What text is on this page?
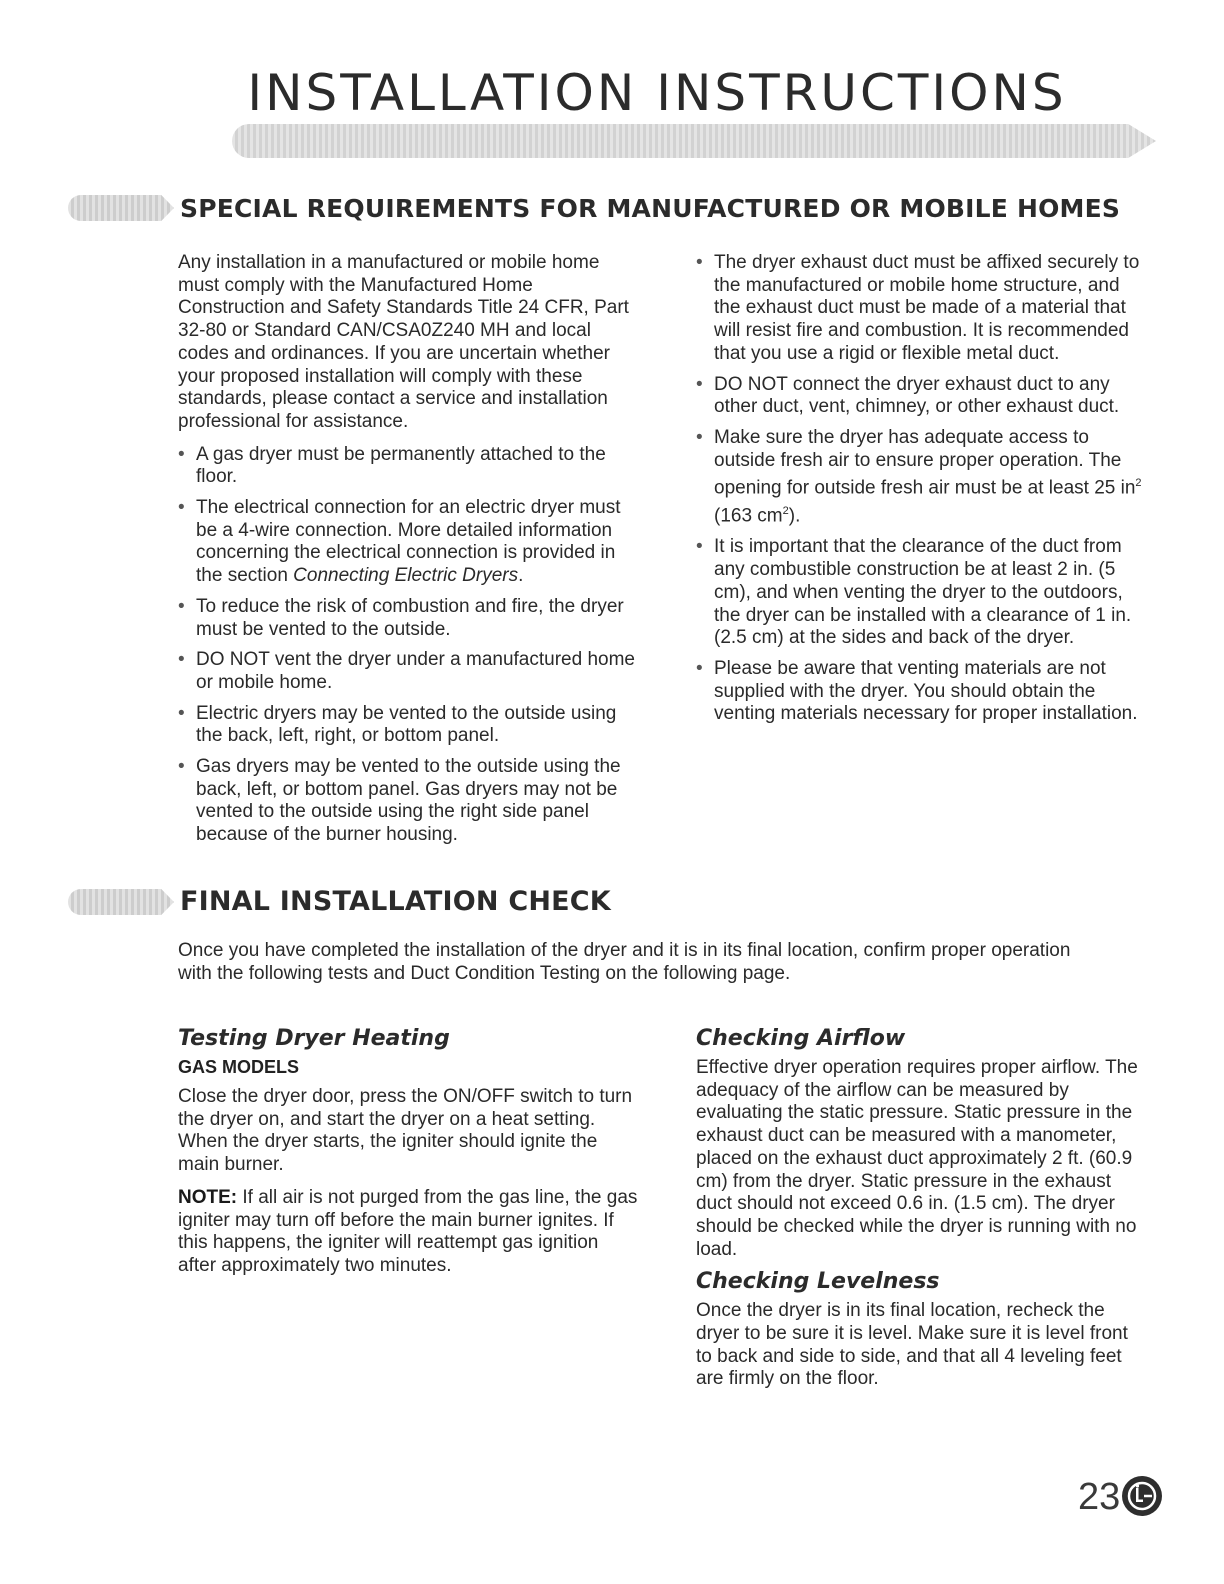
INSTALLATION INSTRUCTIONS
SPECIAL REQUIREMENTS FOR MANUFACTURED OR MOBILE HOMES

Any installation in a manufactured or mobile home must comply with the Manufactured Home Construction and Safety Standards Title 24 CFR, Part 32-80 or Standard CAN/CSA0Z240 MH and local codes and ordinances. If you are uncertain whether your proposed installation will comply with these standards, please contact a service and installation professional for assistance.

• A gas dryer must be permanently attached to the floor.
• The electrical connection for an electric dryer must be a 4-wire connection. More detailed information concerning the electrical connection is provided in the section Connecting Electric Dryers.
• To reduce the risk of combustion and fire, the dryer must be vented to the outside.
• DO NOT vent the dryer under a manufactured home or mobile home.
• Electric dryers may be vented to the outside using the back, left, right, or bottom panel.
• Gas dryers may be vented to the outside using the back, left, or bottom panel. Gas dryers may not be vented to the outside using the right side panel because of the burner housing.
• The dryer exhaust duct must be affixed securely to the manufactured or mobile home structure, and the exhaust duct must be made of a material that will resist fire and combustion. It is recommended that you use a rigid or flexible metal duct.
• DO NOT connect the dryer exhaust duct to any other duct, vent, chimney, or other exhaust duct.
• Make sure the dryer has adequate access to outside fresh air to ensure proper operation. The opening for outside fresh air must be at least 25 $in^2$ (163 $cm^2$).
• It is important that the clearance of the duct from any combustible construction be at least 2 in. (5 cm), and when venting the dryer to the outdoors, the dryer can be installed with a clearance of 1 in. (2.5 cm) at the sides and back of the dryer.
• Please be aware that venting materials are not supplied with the dryer. You should obtain the venting materials necessary for proper installation.
FINAL INSTALLATION CHECK

Once you have completed the installation of the dryer and it is in its final location, confirm proper operation with the following tests and Duct Condition Testing on the following page.

Testing Dryer Heating

GAS MODELS

Close the dryer door, press the ON/OFF switch to turn the dryer on, and start the dryer on a heat setting. When the dryer starts, the igniter should ignite the main burner.

NOTE: If all air is not purged from the gas line, the gas igniter may turn off before the main burner ignites. If this happens, the igniter will reattempt gas ignition after approximately two minutes.

Checking Airflow

Effective dryer operation requires proper airflow. The adequacy of the airflow can be measured by evaluating the static pressure. Static pressure in the exhaust duct can be measured with a manometer, placed on the exhaust duct approximately 2 ft. (60.9 cm) from the dryer. Static pressure in the exhaust duct should not exceed 0.6 in. (1.5 cm). The dryer should be checked while the dryer is running with no load.

Checking Levelness

Once the dryer is in its final location, recheck the dryer to be sure it is level. Make sure it is level front to back and side to side, and that all 4 leveling feet are firmly on the floor.

23
